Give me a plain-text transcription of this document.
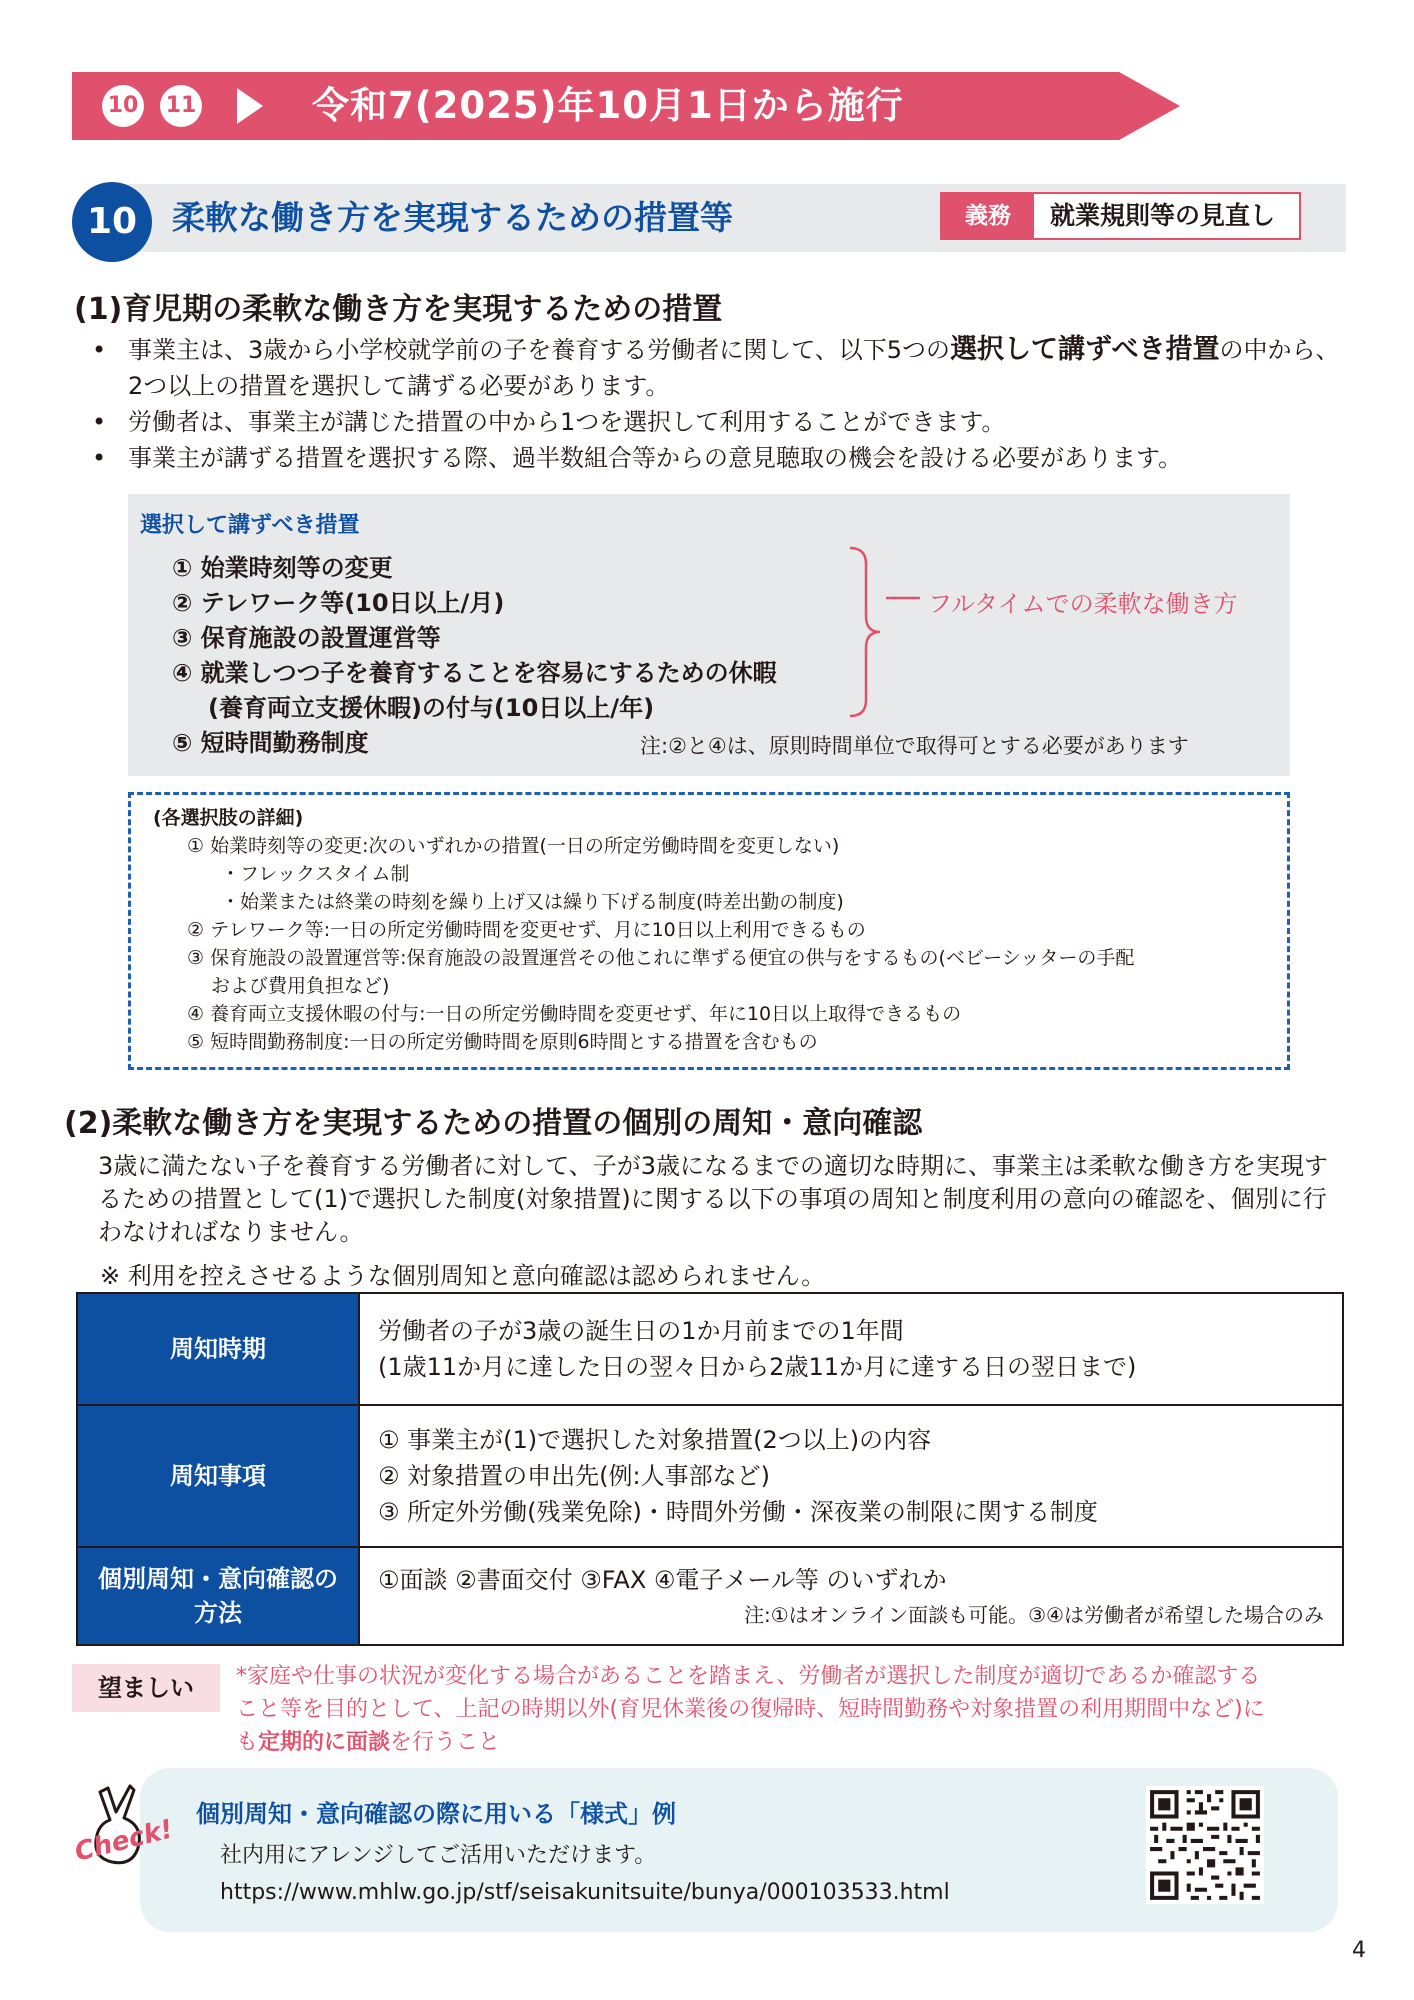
10 11	令和7(2025)年10月1日から施行
10	柔軟な働き方を実現するための措置等	義務	就業規則等の見直し
(1)育児期の柔軟な働き方を実現するための措置
• 事業主は、3歳から小学校就学前の子を養育する労働者に関して、以下5つの選択して講ずべき措置の中から、2つ以上の措置を選択して講ずる必要があります。
• 労働者は、事業主が講じた措置の中から1つを選択して利用することができます。
• 事業主が講ずる措置を選択する際、過半数組合等からの意見聴取の機会を設ける必要があります。
選択して講ずべき措置
① 始業時刻等の変更
② テレワーク等(10日以上/月)
③ 保育施設の設置運営等
④ 就業しつつ子を養育することを容易にするための休暇
(養育両立支援休暇)の付与(10日以上/年)
⑤ 短時間勤務制度
フルタイムでの柔軟な働き方
注:②と④は、原則時間単位で取得可とする必要があります
(各選択肢の詳細)
① 始業時刻等の変更:次のいずれかの措置(一日の所定労働時間を変更しない)
・フレックスタイム制
・始業または終業の時刻を繰り上げ又は繰り下げる制度(時差出勤の制度)
② テレワーク等:一日の所定労働時間を変更せず、月に10日以上利用できるもの
③ 保育施設の設置運営等:保育施設の設置運営その他これに準ずる便宜の供与をするもの(ベビーシッターの手配
および費用負担など)
④ 養育両立支援休暇の付与:一日の所定労働時間を変更せず、年に10日以上取得できるもの
⑤ 短時間勤務制度:一日の所定労働時間を原則6時間とする措置を含むもの
(2)柔軟な働き方を実現するための措置の個別の周知・意向確認
3歳に満たない子を養育する労働者に対して、子が3歳になるまでの適切な時期に、事業主は柔軟な働き方を実現するための措置として(1)で選択した制度(対象措置)に関する以下の事項の周知と制度利用の意向の確認を、個別に行わなければなりません。
※ 利用を控えさせるような個別周知と意向確認は認められません。
周知時期	労働者の子が3歳の誕生日の1か月前までの1年間
(1歳11か月に達した日の翌々日から2歳11か月に達する日の翌日まで)

周知事項	① 事業主が(1)で選択した対象措置(2つ以上)の内容
② 対象措置の申出先(例:人事部など)
③ 所定外労働(残業免除)・時間外労働・深夜業の制限に関する制度

個別周知・意向確認の方法	①面談 ②書面交付 ③FAX ④電子メール等 のいずれか
注:①はオンライン面談も可能。③④は労働者が希望した場合のみ
望ましい	*家庭や仕事の状況が変化する場合があることを踏まえ、労働者が選択した制度が適切であるか確認すること等を目的として、上記の時期以外(育児休業後の復帰時、短時間勤務や対象措置の利用期間中など)にも定期的に面談を行うこと
個別周知・意向確認の際に用いる「様式」例
社内用にアレンジしてご活用いただけます。
https://www.mhlw.go.jp/stf/seisakunitsuite/bunya/000103533.html
Check!
4
